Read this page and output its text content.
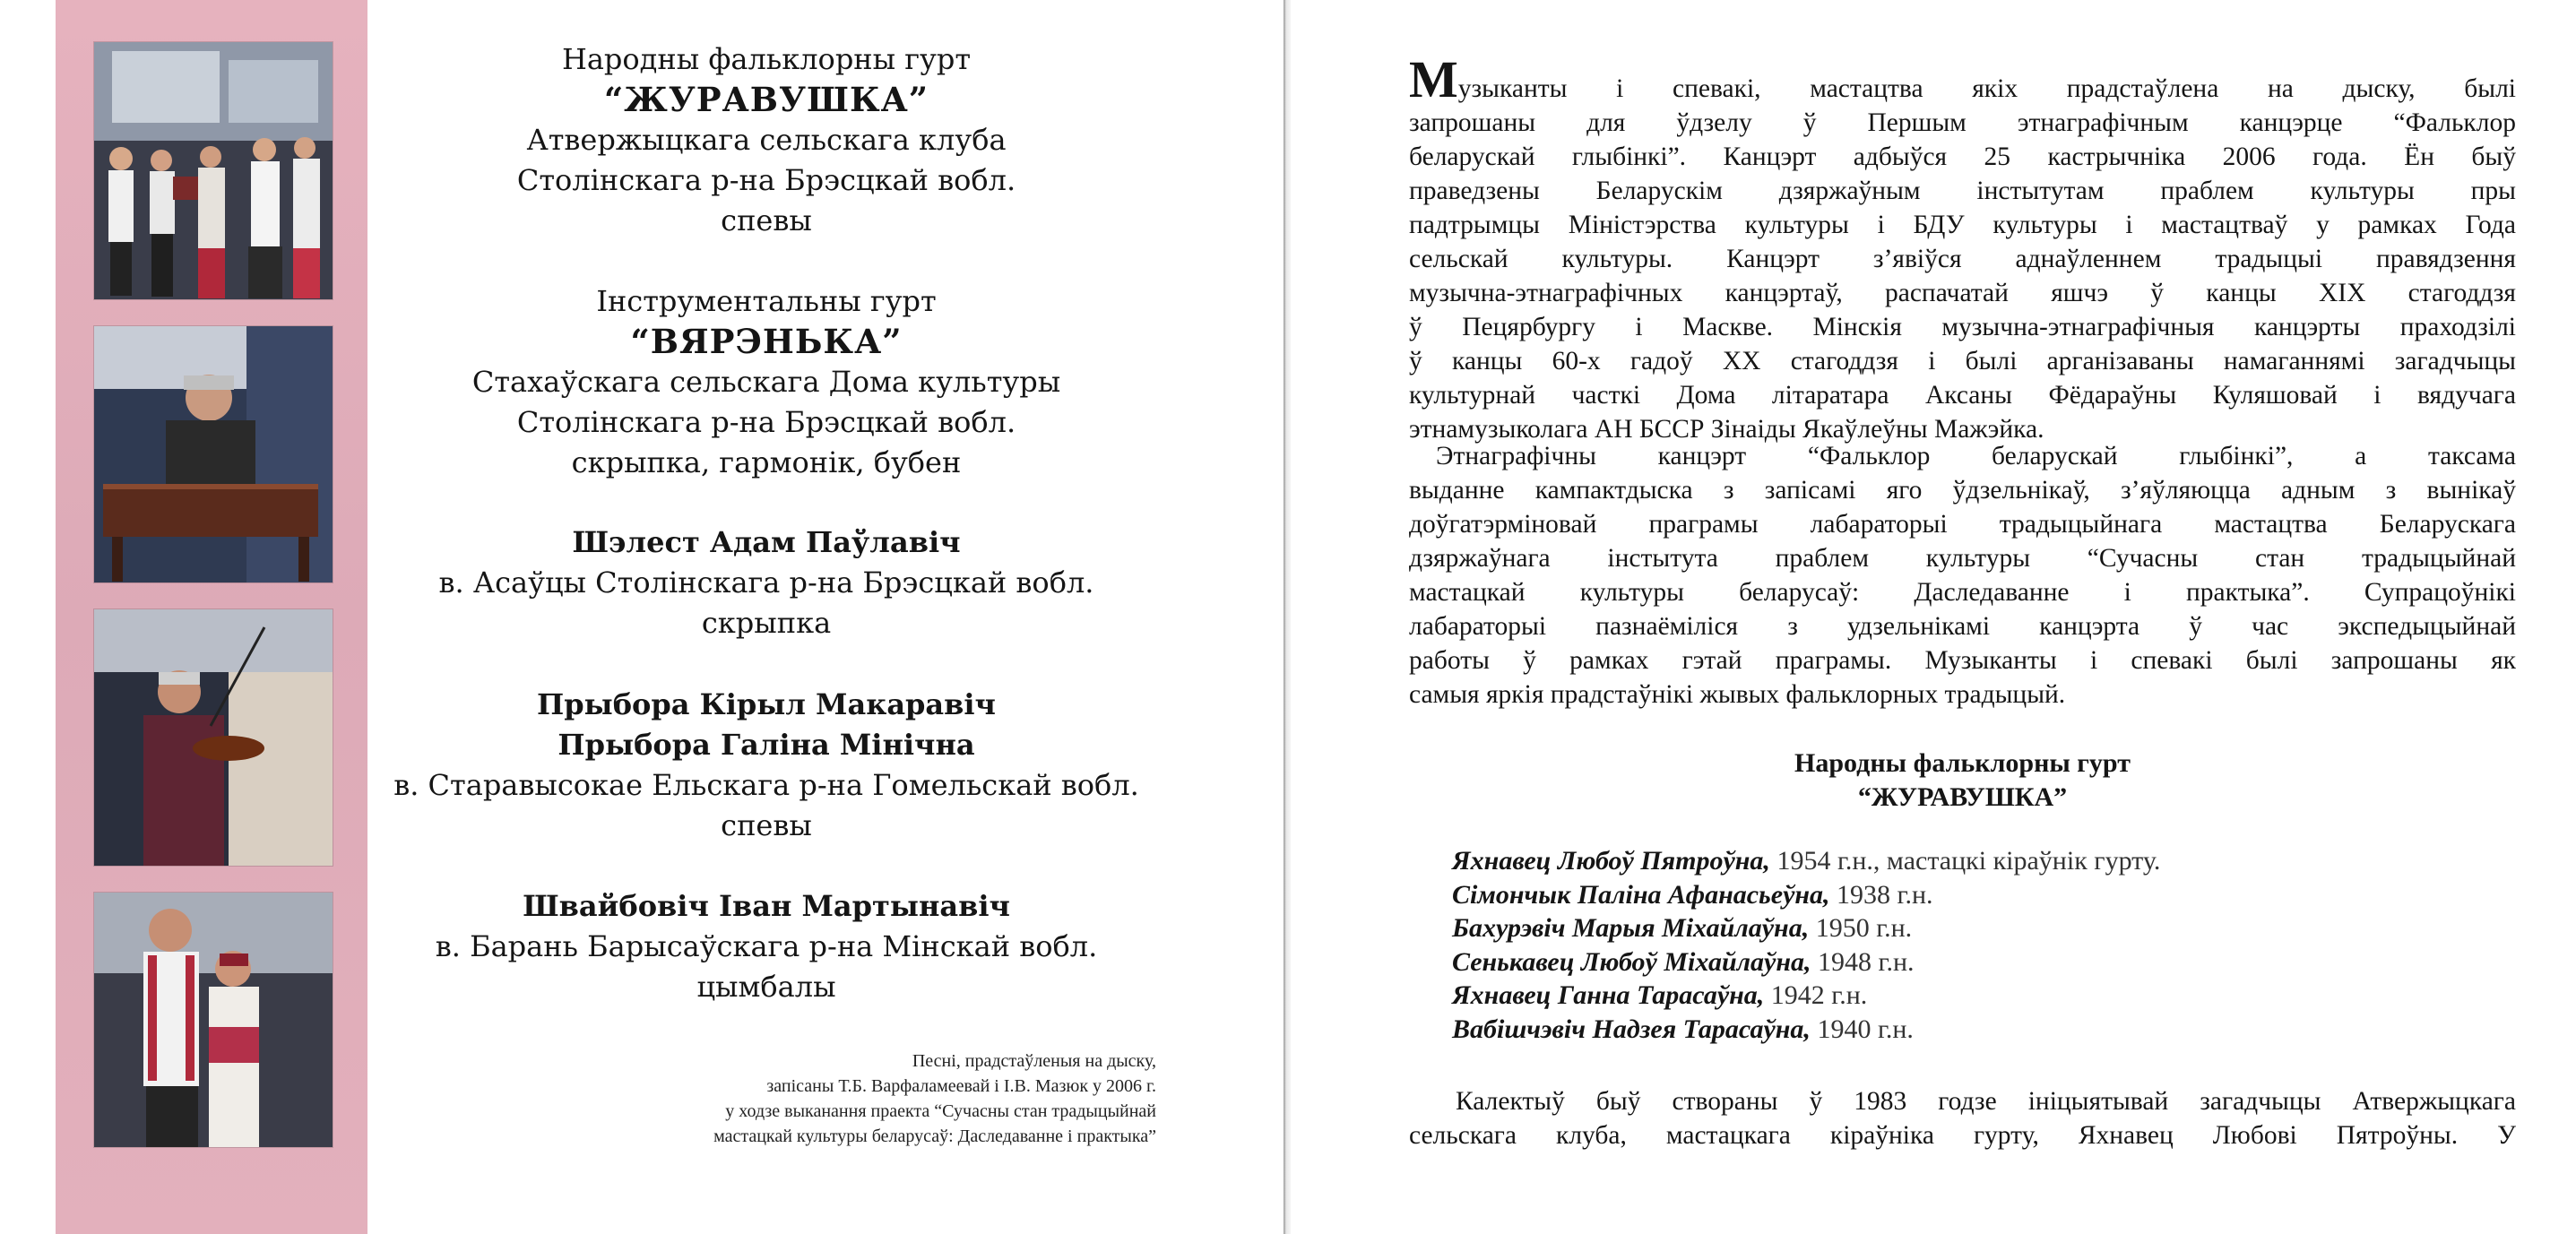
Народны фальклорны гурт
“ЖУРАВУШКА”
Атвержыцкага сельскага клуба
Столінскага р-на Брэсцкай вобл.
спевы
Інструментальны гурт
“ВЯРЭНЬКА”
Стахаўскага сельскага Дома культуры
Столінскага р-на Брэсцкай вобл.
скрыпка, гармонік, бубен
Шэлест Адам Паўлавіч
в. Асаўцы Столінскага р-на Брэсцкай вобл.
скрыпка
Прыбора Кірыл Макаравіч
Прыбора Галіна Мінічна
в. Старавысокае Ельскага р-на Гомельскай вобл.
спевы
Швайбовіч Іван Мартынавіч
в. Барань Барысаўскага р-на Мінскай вобл.
цымбалы
Песні, прадстаўленыя на дыску,
запісаны Т.Б. Варфаламеевай і І.В. Мазюк у 2006 г.
у ходзе выканання праекта “Сучасны стан традыцыйнай
мастацкай культуры беларусаў: Даследаванне і практыка”
Музыканты і спевакі, мастацтва якіх прадстаўлена на дыску, былі
запрошаны для ўдзелу ў Першым этнаграфічным канцэрце “Фальклор
беларускай глыбінкі”. Канцэрт адбыўся 25 кастрычніка 2006 года. Ён быў
праведзены Беларускім дзяржаўным інстытутам праблем культуры пры
падтрымцы Міністэрства культуры і БДУ культуры і мастацтваў у рамках Года
сельскай культуры. Канцэрт з’явіўся аднаўленнем традыцыі правядзення
музычна-этнаграфічных канцэртаў, распачатай яшчэ ў канцы XIX стагоддзя
ў Пецярбургу і Маскве. Мінскія музычна-этнаграфічныя канцэрты праходзілі
ў канцы 60-х гадоў XX стагоддзя і былі арганізаваны намаганнямі загадчыцы
культурнай часткі Дома літаратара Аксаны Фёдараўны Куляшовай і вядучага
этнамузыколага АН БССР Зінаіды Якаўлеўны Мажэйка.
Этнаграфічны канцэрт “Фальклор беларускай глыбінкі”, а таксама
выданне кампактдыска з запісамі яго ўдзельнікаў, з’яўляюцца адным з вынікаў
доўгатэрміновай праграмы лабараторыі традыцыйнага мастацтва Беларускага
дзяржаўнага інстытута праблем культуры “Сучасны стан традыцыйнай
мастацкай культуры беларусаў: Даследаванне і практыка”. Супрацоўнікі
лабараторыі пазнаёміліся з удзельнікамі канцэрта ў час экспедыцыйнай
работы ў рамках гэтай праграмы. Музыканты і спевакі былі запрошаны як
самыя яркія прадстаўнікі жывых фальклорных традыцый.
Народны фальклорны гурт
“ЖУРАВУШКА”
Яхнавец Любоў Пятроўна, 1954 г.н., мастацкі кіраўнік гурту.
Сімончык Паліна Афанасьеўна, 1938 г.н.
Бахурэвіч Марыя Міхайлаўна, 1950 г.н.
Сенькавец Любоў Міхайлаўна, 1948 г.н.
Яхнавец Ганна Тарасаўна, 1942 г.н.
Вабішчэвіч Надзея Тарасаўна, 1940 г.н.
Калектыў быў створаны ў 1983 годзе ініцыятывай загадчыцы Атвержыцкага
сельскага клуба, мастацкага кіраўніка гурту, Яхнавец Любові Пятроўны. У
